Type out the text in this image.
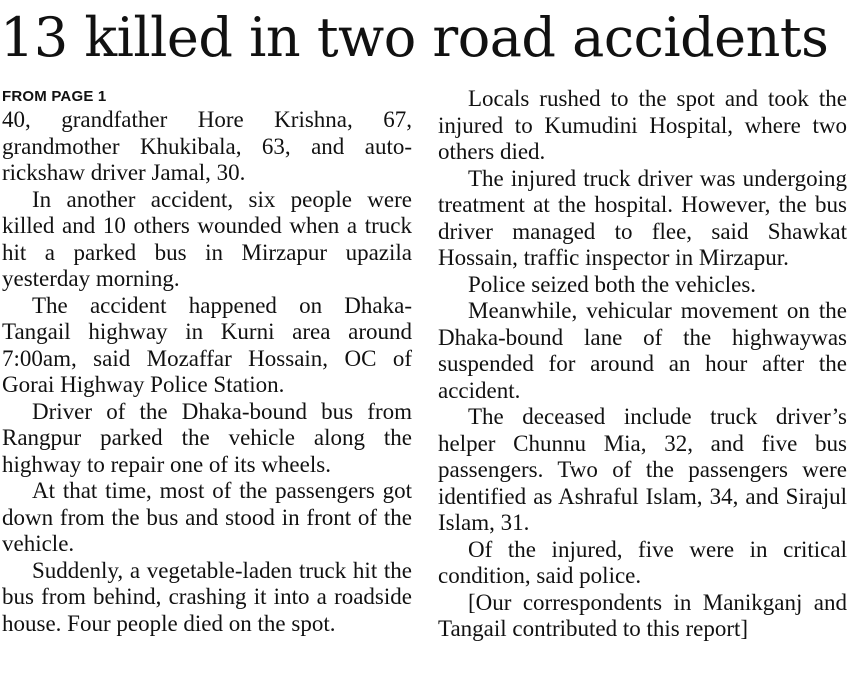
13 killed in two road accidents

FROM PAGE 1

40, grandfather Hore Krishna, 67, grandmother Khukibala, 63, and auto-rickshaw driver Jamal, 30.

In another accident, six people were killed and 10 others wounded when a truck hit a parked bus in Mirzapur upazila yesterday morning.

The accident happened on Dhaka-Tangail highway in Kurni area around 7:00am, said Mozaffar Hossain, OC of Gorai Highway Police Station.

Driver of the Dhaka-bound bus from Rangpur parked the vehicle along the highway to repair one of its wheels.

At that time, most of the passengers got down from the bus and stood in front of the vehicle.

Suddenly, a vegetable-laden truck hit the bus from behind, crashing it into a roadside house. Four people died on the spot.

Locals rushed to the spot and took the injured to Kumudini Hospital, where two others died.

The injured truck driver was undergoing treatment at the hospital. However, the bus driver managed to flee, said Shawkat Hossain, traffic inspector in Mirzapur.

Police seized both the vehicles.

Meanwhile, vehicular movement on the Dhaka-bound lane of the highwaywas suspended for around an hour after the accident.

The deceased include truck driver’s helper Chunnu Mia, 32, and five bus passengers. Two of the passengers were identified as Ashraful Islam, 34, and Sirajul Islam, 31.

Of the injured, five were in critical condition, said police.

[Our correspondents in Manikganj and Tangail contributed to this report]
